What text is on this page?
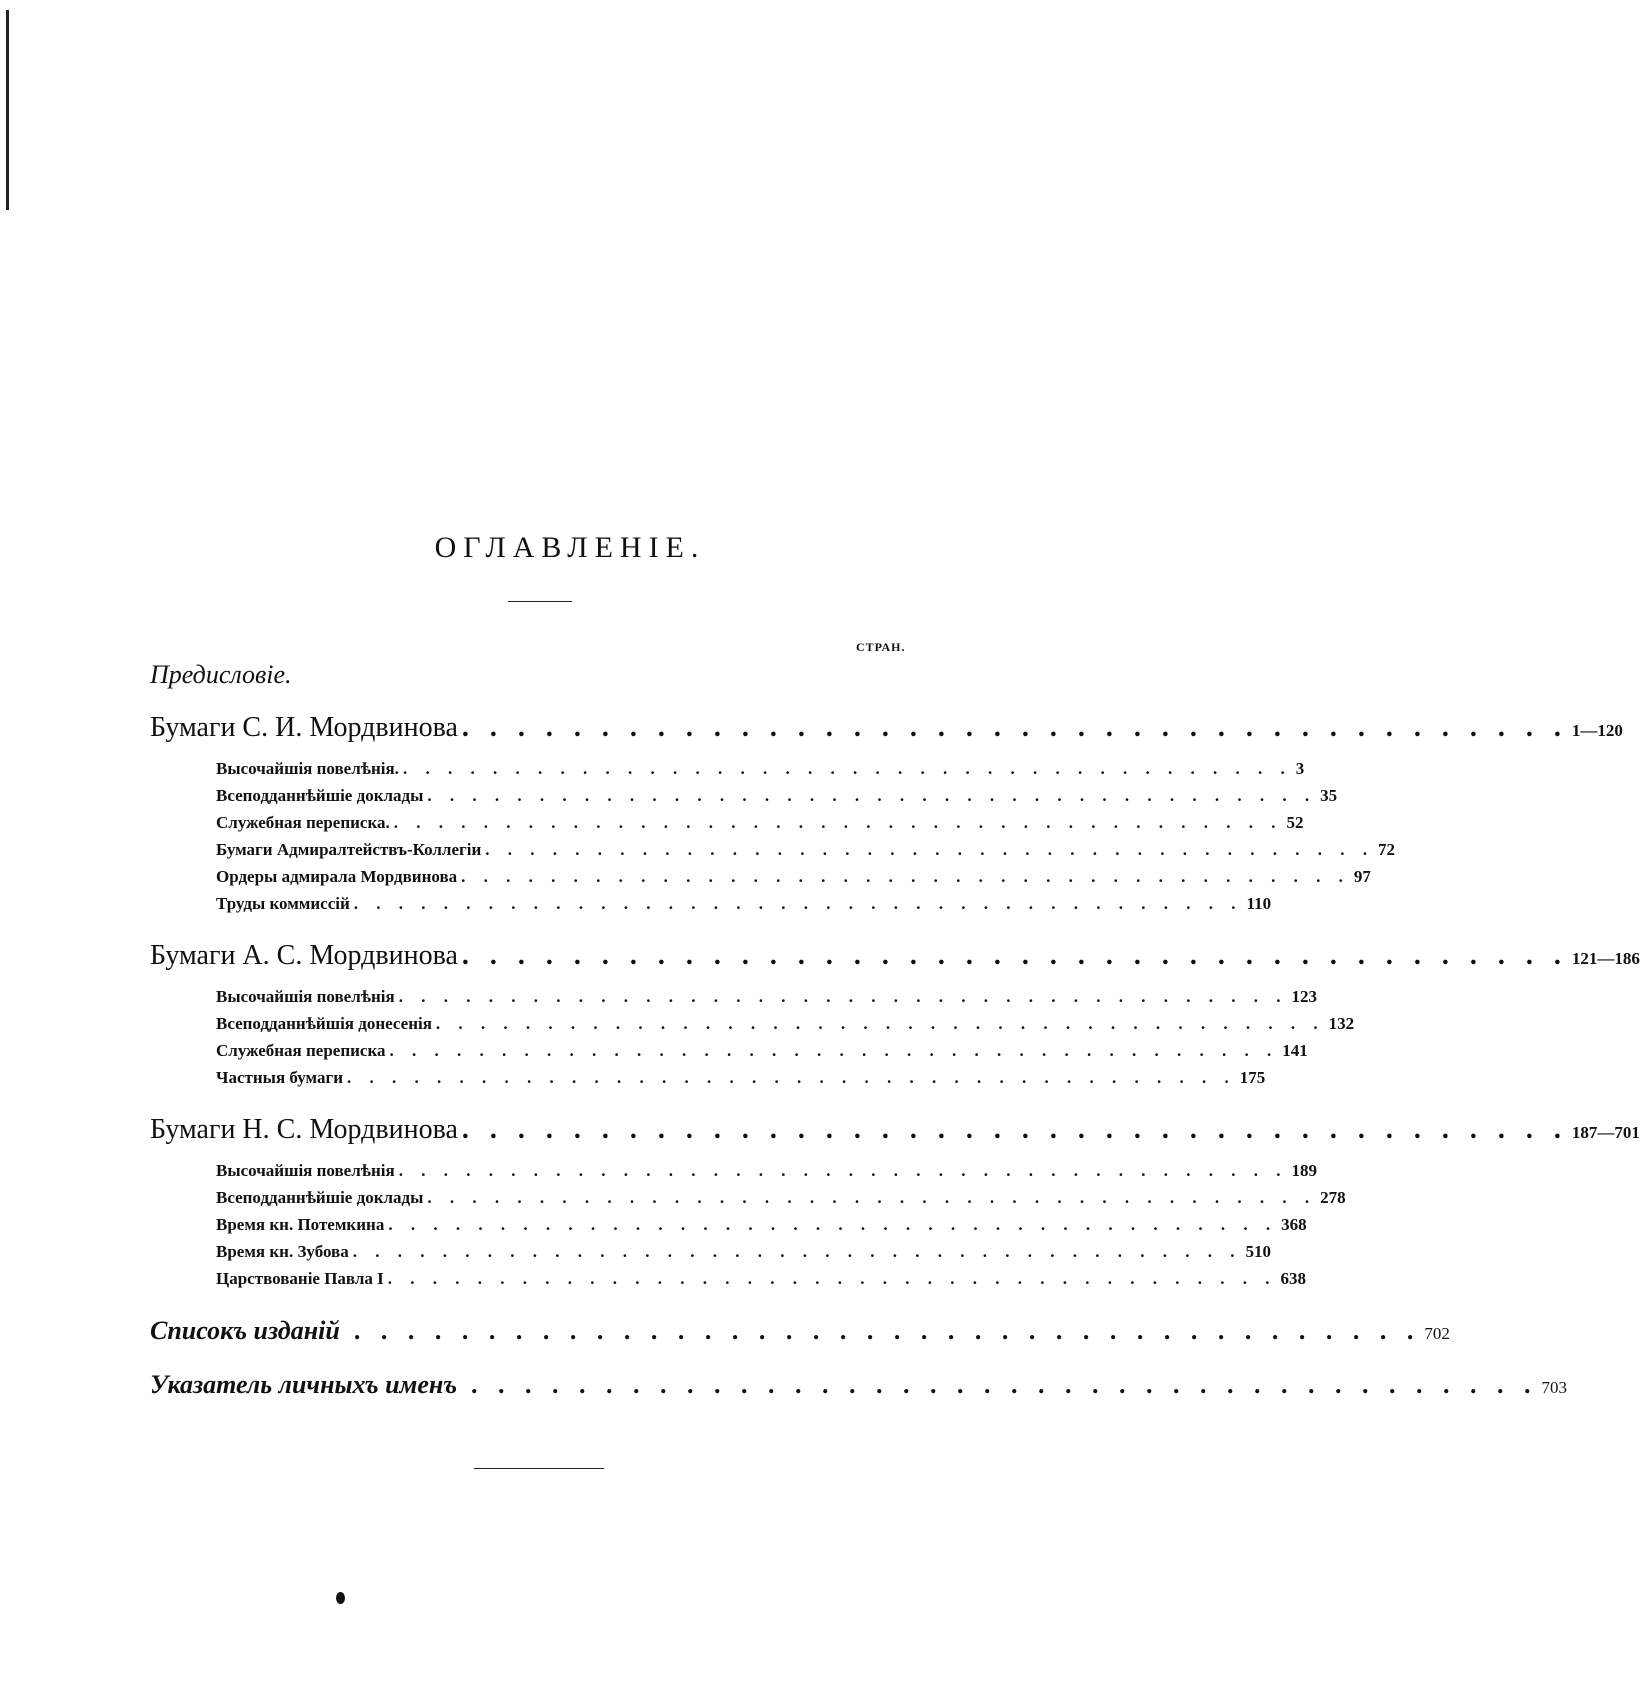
ОГЛАВЛЕНІЕ.
СТРАН.
Предисловіе.
Бумаги С. И. Мордвинова . . . . . . . . . . . . . . . . . . . . . . . . . . . . . . . . . . . . . . . . 1—120
Высочайшія повелѣнія. . . . . . . . . . . . . . . . . . . . . . . . . . . . . . . . . . . . . . . . . 3
Всеподданнѣйшіе доклады . . . . . . . . . . . . . . . . . . . . . . . . . . . . . . . . . . . . . . . . 35
Служебная переписка. . . . . . . . . . . . . . . . . . . . . . . . . . . . . . . . . . . . . . . . . 52
Бумаги Адмиралтействъ-Коллегіи . . . . . . . . . . . . . . . . . . . . . . . . . . . . . . . . . . . . . . . . 72
Ордеры адмирала Мордвинова . . . . . . . . . . . . . . . . . . . . . . . . . . . . . . . . . . . . . . . . 97
Труды коммиссій . . . . . . . . . . . . . . . . . . . . . . . . . . . . . . . . . . . . . . . . 110
Бумаги А. С. Мордвинова . . . . . . . . . . . . . . . . . . . . . . . . . . . . . . . . . . . . . . . . 121—186
Высочайшія повелѣнія . . . . . . . . . . . . . . . . . . . . . . . . . . . . . . . . . . . . . . . . 123
Всеподданнѣйшія донесенія . . . . . . . . . . . . . . . . . . . . . . . . . . . . . . . . . . . . . . . . 132
Служебная переписка . . . . . . . . . . . . . . . . . . . . . . . . . . . . . . . . . . . . . . . . 141
Частныя бумаги . . . . . . . . . . . . . . . . . . . . . . . . . . . . . . . . . . . . . . . . 175
Бумаги Н. С. Мордвинова . . . . . . . . . . . . . . . . . . . . . . . . . . . . . . . . . . . . . . . . 187—701
Высочайшія повелѣнія . . . . . . . . . . . . . . . . . . . . . . . . . . . . . . . . . . . . . . . . 189
Всеподданнѣйшіе доклады . . . . . . . . . . . . . . . . . . . . . . . . . . . . . . . . . . . . . . . . 278
Время кн. Потемкина . . . . . . . . . . . . . . . . . . . . . . . . . . . . . . . . . . . . . . . . 368
Время кн. Зубова . . . . . . . . . . . . . . . . . . . . . . . . . . . . . . . . . . . . . . . . 510
Царствованіе Павла I . . . . . . . . . . . . . . . . . . . . . . . . . . . . . . . . . . . . . . . . 638
Списокъ изданій . . . . . . . . . . . . . . . . . . . . . . . . . . . . . . . . . . . . . . . . 702
Указатель личныхъ именъ . . . . . . . . . . . . . . . . . . . . . . . . . . . . . . . . . . . . . . . . 703
